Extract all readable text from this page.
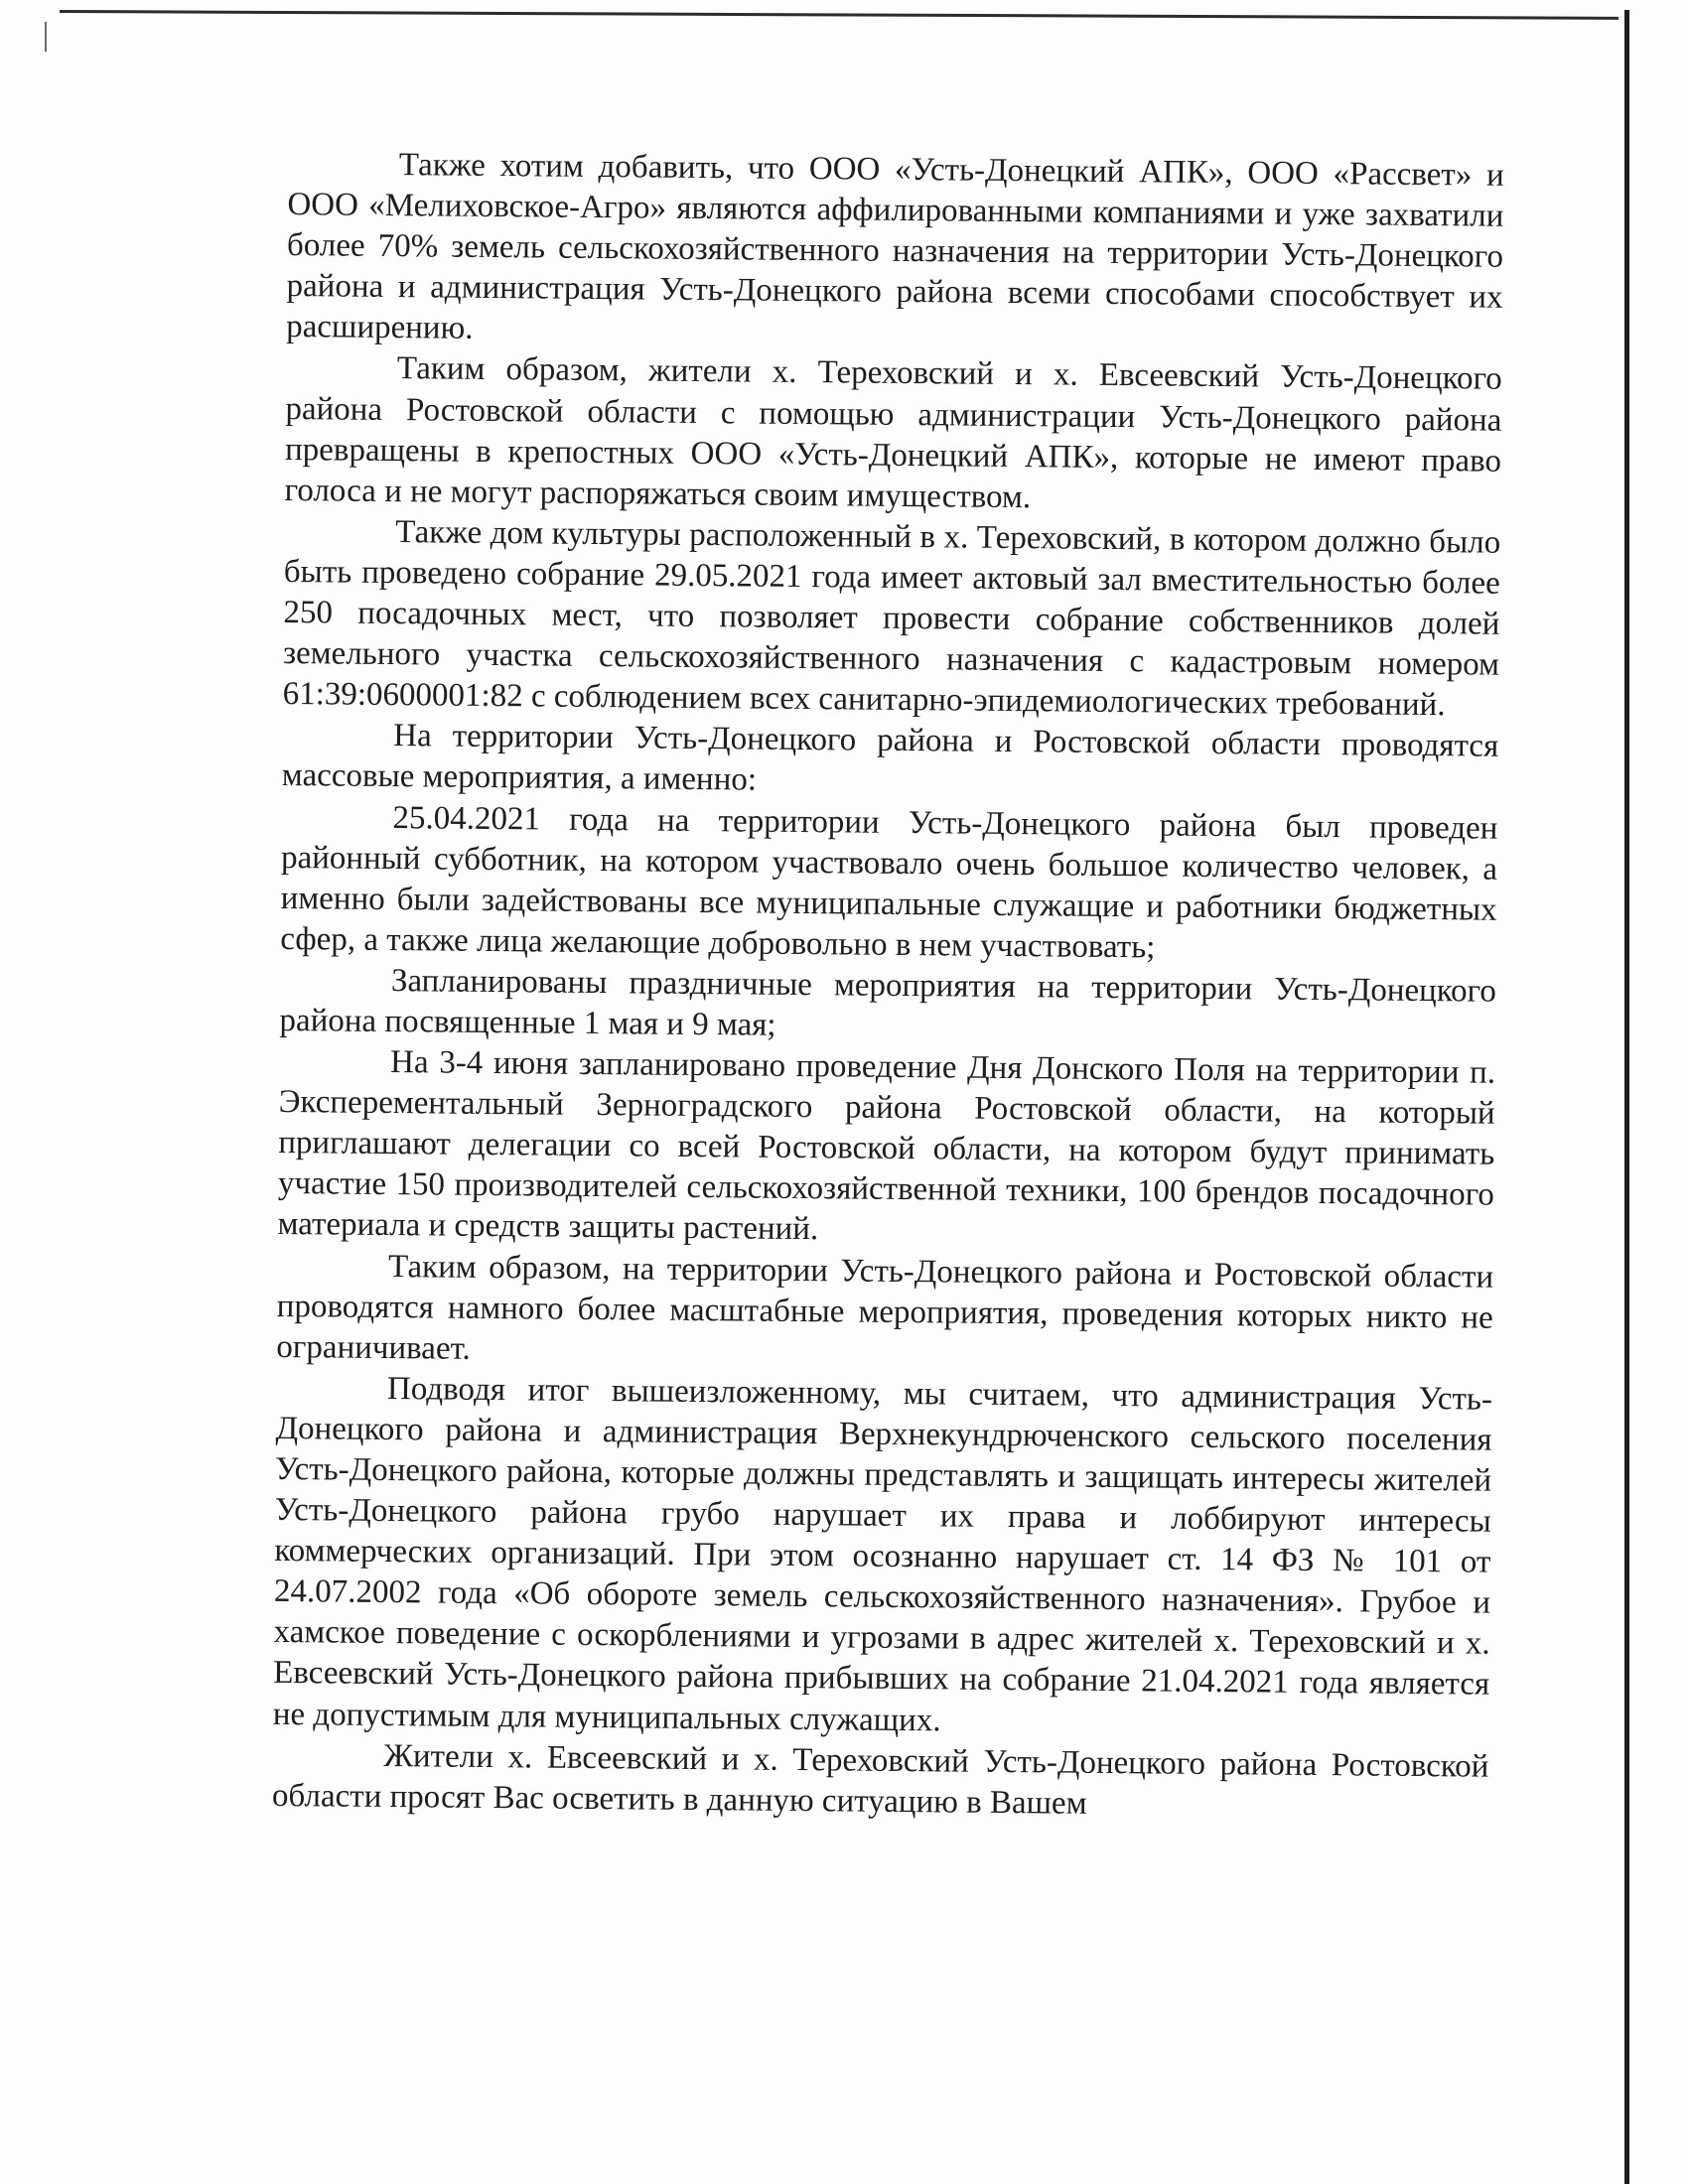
Также хотим добавить, что ООО «Усть-Донецкий АПК», ООО «Рассвет» и ООО «Мелиховское-Агро» являются аффилированными компаниями и уже захватили более 70% земель сельскохозяйственного назначения на территории Усть-Донецкого района и администрация Усть-Донецкого района всеми способами способствует их расширению.

Таким образом, жители х. Тереховский и х. Евсеевский Усть-Донецкого района Ростовской области с помощью администрации Усть-Донецкого района превращены в крепостных ООО «Усть-Донецкий АПК», которые не имеют право голоса и не могут распоряжаться своим имуществом.

Также дом культуры расположенный в х. Тереховский, в котором должно было быть проведено собрание 29.05.2021 года имеет актовый зал вместительностью более 250 посадочных мест, что позволяет провести собрание собственников долей земельного участка сельскохозяйственного назначения с кадастровым номером 61:39:0600001:82 с соблюдением всех санитарно-эпидемиологических требований.

На территории Усть-Донецкого района и Ростовской области проводятся массовые мероприятия, а именно:

25.04.2021 года на территории Усть-Донецкого района был проведен районный субботник, на котором участвовало очень большое количество человек, а именно были задействованы все муниципальные служащие и работники бюджетных сфер, а также лица желающие добровольно в нем участвовать;

Запланированы праздничные мероприятия на территории Усть-Донецкого района посвященные 1 мая и 9 мая;

На 3-4 июня запланировано проведение Дня Донского Поля на территории п. Эксперементальный Зерноградского района Ростовской области, на который приглашают делегации со всей Ростовской области, на котором будут принимать участие 150 производителей сельскохозяйственной техники, 100 брендов посадочного материала и средств защиты растений.

Таким образом, на территории Усть-Донецкого района и Ростовской области проводятся намного более масштабные мероприятия, проведения которых никто не ограничивает.

Подводя итог вышеизложенному, мы считаем, что администрация Усть-Донецкого района и администрация Верхнекундрюченского сельского поселения Усть-Донецкого района, которые должны представлять и защищать интересы жителей Усть-Донецкого района грубо нарушает их права и лоббируют интересы коммерческих организаций. При этом осознанно нарушает ст. 14 ФЗ № 101 от 24.07.2002 года «Об обороте земель сельскохозяйственного назначения». Грубое и хамское поведение с оскорблениями и угрозами в адрес жителей х. Тереховский и х. Евсеевский Усть-Донецкого района прибывших на собрание 21.04.2021 года является не допустимым для муниципальных служащих.

Жители х. Евсеевский и х. Тереховский Усть-Донецкого района Ростовской области просят Вас осветить в данную ситуацию в Вашем
